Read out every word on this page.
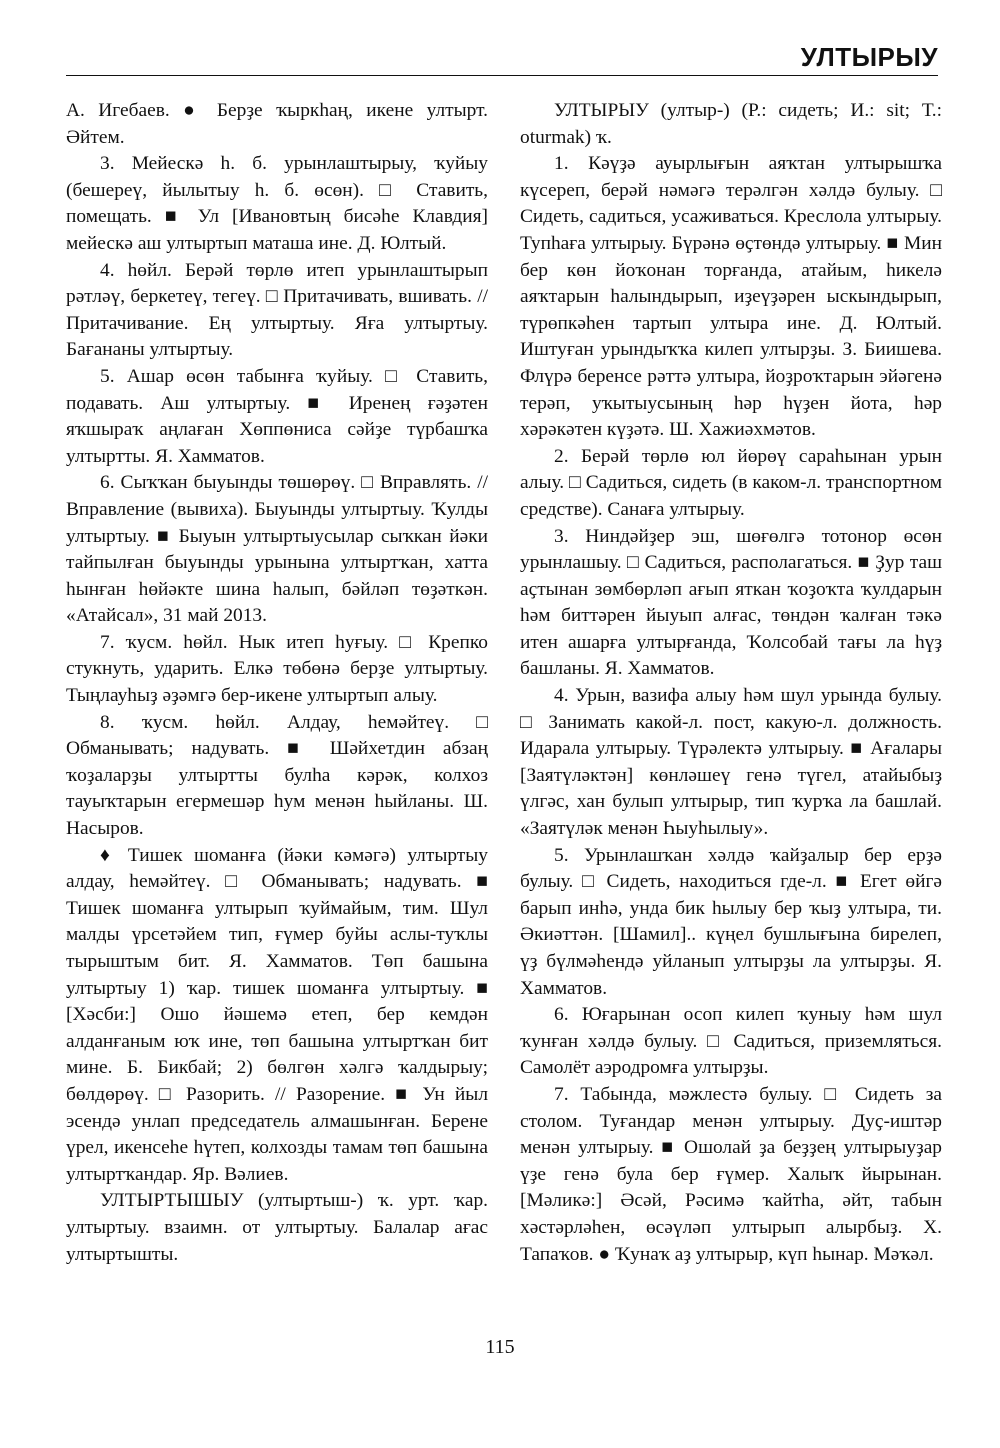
УЛТЫРЫУ

А. Игебаев. ● Берҙе ҡыркһаң, икене ултырт. Әйтем.

3. Мейескә һ. б. урынлаштырыу, ҡуйыу (бешереү, йылытыу һ. б. өсөн). □ Ставить, помещать. ■ Ул [Ивановтың бисәһе Клавдия] мейескә аш ултыртып маташа ине. Д. Юлтый.

4. һөйл. Берәй төрлө итеп урынлаштырып рәтләү, беркетеү, тегеү. □ Притачивать, вшивать. // Притачивание. Ең ултыртыу. Яға ултыртыу. Бағананы ултыртыу.

5. Ашар өсөн табынға ҡуйыу. □ Ставить, подавать. Аш ултыртыу. ■ Иренең ғәҙәтен яҡшыраҡ аңлаған Хөппөниса сәйҙе түрбашҡа ултыртты. Я. Хамматов.

6. Сыҡҡан быуынды төшөрөү. □ Вправлять. // Вправление (вывиха). Быуынды ултыртыу. Ҡулды ултыртыу. ■ Быуын ултыртыусылар сыҡкан йәки тайпылған быуынды урынына ултыртҡан, хатта һынған һөйәкте шина һалып, бәйләп төҙәткән. «Атайсал», 31 май 2013.

7. ҡусм. һөйл. Нык итеп һуғыу. □ Крепко стукнуть, ударить. Елкә төбөнә берҙе ултыртыу. Тыңлауһыҙ әҙәмгә бер-икене ултыртып алыу.

8. ҡусм. һөйл. Алдау, һемәйтеү. □ Обманывать; надувать. ■ Шәйхетдин абзаң ҡоҙаларҙы ултыртты булһа кәрәк, колхоз тауыҡтарын егермешәр һум менән һыйланы. Ш. Насыров.

♦ Тишек шоманға (йәки кәмәгә) ултыртыу алдау, һемәйтеү. □ Обманывать; надувать. ■ Тишек шоманға ултырып ҡуймайым, тим. Шул малды үрсетәйем тип, ғүмер буйы аслы-туҡлы тырыштым бит. Я. Хамматов. Төп башына ултыртыу 1) ҡар. тишек шоманға ултыртыу. ■ [Хәсби:] Ошо йәшемә етеп, бер кемдән алданғаным юҡ ине, төп башына ултыртҡан бит мине. Б. Бикбай; 2) бөлгөн хәлгә ҡалдырыу; бөлдөрөү. □ Разорить. // Разорение. ■ Ун йыл эсендә унлап председатель алмашынған. Берене үрел, икенсеһе һүтеп, колхозды тамам төп башына ултыртҡандар. Яр. Вәлиев.

УЛТЫРТЫШЫУ (ултыртыш-) ҡ. урт. ҡар. ултыртыу. взаимн. от ултыртыу. Балалар ағас ултыртышты.

УЛТЫРЫУ (ултыр-) (Р.: сидеть; И.: sit; Т.: oturmak) ҡ.

1. Кәүҙә ауырлығын аяҡтан ултырышҡа күсереп, берәй нәмәгә терәлгән хәлдә булыу. □ Сидеть, садиться, усаживаться. Креслола ултырыу. Тупһаға ултырыу. Бүрәнә өҫтөндә ултырыу. ■ Мин бер көн йоҡонан торғанда, атайым, һикелә аяҡтарын һалындырып, иҙеүҙәрен ыскындырып, түрөпкәһен тартып ултыра ине. Д. Юлтый. Иштуған урындыҡҡа килеп ултырҙы. З. Биишева. Флүрә беренсе рәттә ултыра, йоҙроҡтарын эйәгенә терәп, уҡытыусының һәр һүҙен йота, һәр хәрәкәтен күҙәтә. Ш. Хажиәхмәтов.

2. Берәй төрлө юл йөрөү сараһынан урын алыу. □ Садиться, сидеть (в каком-л. транспортном средстве). Санаға ултырыу.

3. Ниндәйҙер эш, шөғөлгә тотонор өсөн урынлашыу. □ Садиться, располагаться. ■ Ҙур таш аҫтынан зөмбөрләп ағып яткан ҡоҙоҡта ҡулдарын һәм биттәрен йыуып алғас, төндән ҡалған тәкә итен ашарға ултырғанда, Ҡолсобай тағы ла һүҙ башланы. Я. Хамматов.

4. Урын, вазифа алыу һәм шул урында булыу. □ Занимать какой-л. пост, какую-л. должность. Идарала ултырыу. Түрәлектә ултырыу. ■ Ағалары [Заятүләктән] көнләшеү генә түгел, атайыбыҙ үлгәс, хан булып ултырыр, тип ҡурҡа ла башлай. «Заятүләк менән Һыуһылыу».

5. Урынлашҡан хәлдә ҡайҙалыр бер ерҙә булыу. □ Сидеть, находиться где-л. ■ Егет өйгә барып инһә, унда бик һылыу бер ҡыҙ ултыра, ти. Әкиәттән. [Шамил].. күңел бушлығына бирелеп, үҙ бүлмәһендә уйланып ултырҙы ла ултырҙы. Я. Хамматов.

6. Юғарынан осоп килеп ҡуныу һәм шул ҡунған хәлдә булыу. □ Садиться, приземляться. Самолёт аэродромға ултырҙы.

7. Табында, мәжлестә булыу. □ Сидеть за столом. Туғандар менән ултырыу. Дуҫ-иштәр менән ултырыу. ■ Ошолай ҙа беҙҙең ултырыуҙар үҙе генә була бер ғүмер. Халыҡ йырынан. [Мәликә:] Әсәй, Рәсимә ҡайтһа, әйт, табын хәстәрләһен, өсәүләп ултырып алырбыҙ. Х. Тапаҡов. ● Ҡунаҡ аҙ ултырыр, күп һынар. Мәҡәл.

115
